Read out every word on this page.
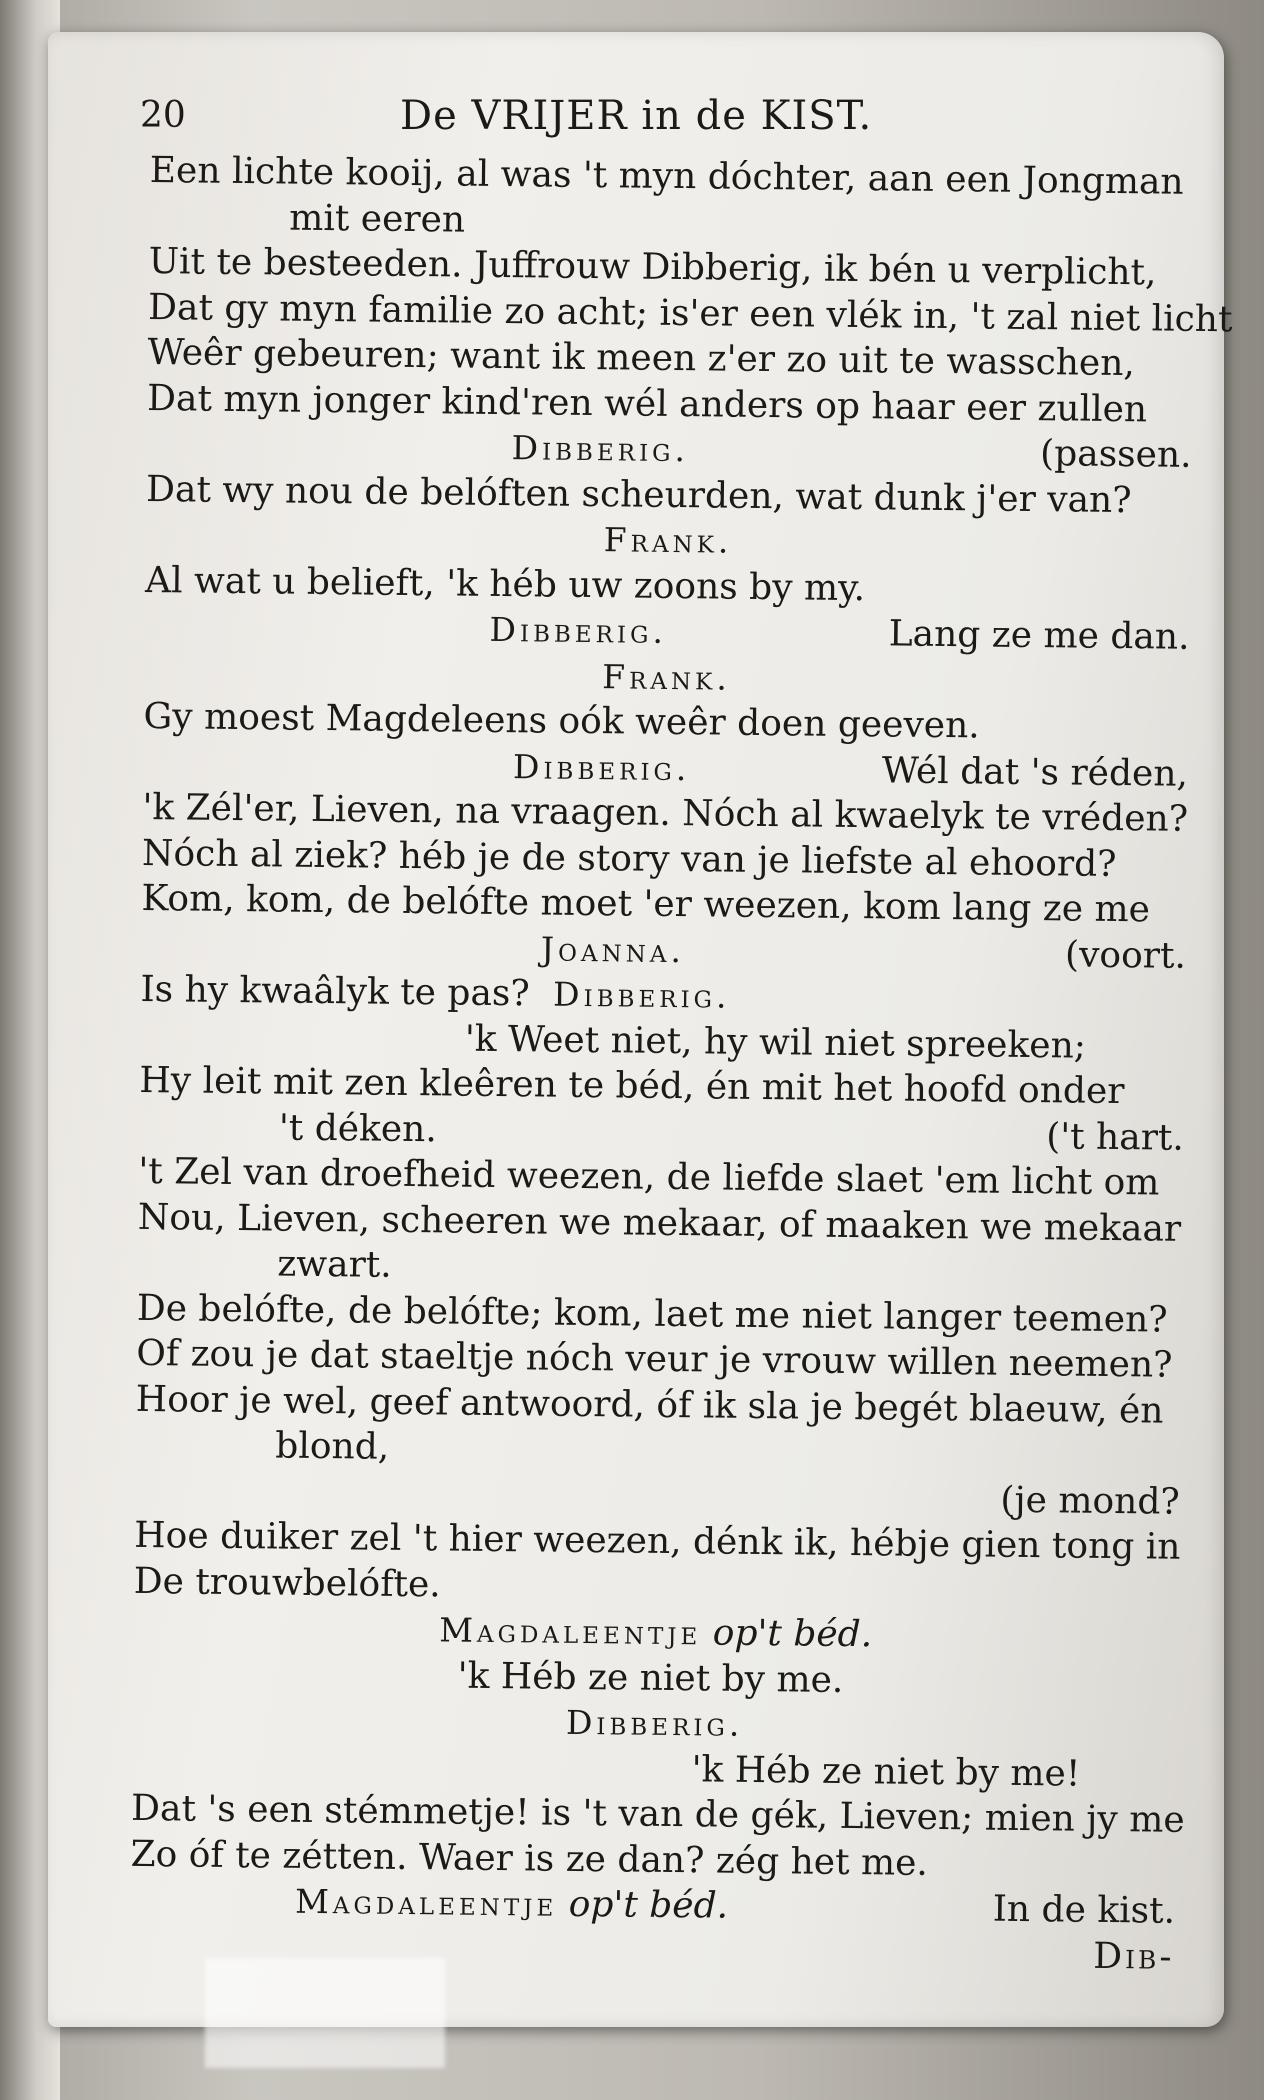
20	De VRIJER in de KIST.
Een lichte kooij, al was 't myn dóchter, aan een Jongman
mit eeren
Uit te besteeden. Juffrouw Dibberig, ik bén u verplicht,
Dat gy myn familie zo acht; is'er een vlék in, 't zal niet licht
Weêr gebeuren; want ik meen z'er zo uit te wasschen,
Dat myn jonger kind'ren wél anders op haar eer zullen
Dibberig.	(passen.
Dat wy nou de belóften scheurden, wat dunk j'er van?
Frank.
Al wat u belieft, 'k héb uw zoons by my.
Dibberig.	Lang ze me dan.
Frank.
Gy moest Magdeleens oók weêr doen geeven.
Dibberig.	Wél dat 's réden,
'k Zél'er, Lieven, na vraagen. Nóch al kwaelyk te vréden?
Nóch al ziek? héb je de story van je liefste al ehoord?
Kom, kom, de belófte moet 'er weezen, kom lang ze me
Joanna.	(voort.
Is hy kwaâlyk te pas? Dibberig.
'k Weet niet, hy wil niet spreeken;
Hy leit mit zen kleêren te béd, én mit het hoofd onder
't déken.	('t hart.
't Zel van droefheid weezen, de liefde slaet 'em licht om
Nou, Lieven, scheeren we mekaar, of maaken we mekaar
zwart.
De belófte, de belófte; kom, laet me niet langer teemen?
Of zou je dat staeltje nóch veur je vrouw willen neemen?
Hoor je wel, geef antwoord, óf ik sla je begét blaeuw, én
blond,
(je mond?
Hoe duiker zel 't hier weezen, dénk ik, hébje gien tong in
De trouwbelófte.
Magdaleentje op't béd.
'k Héb ze niet by me.
Dibberig.
'k Héb ze niet by me!
Dat 's een stémmetje! is 't van de gék, Lieven; mien jy me
Zo óf te zétten. Waer is ze dan? zég het me.
Magdaleentje op't béd.	In de kist.
Dib-
